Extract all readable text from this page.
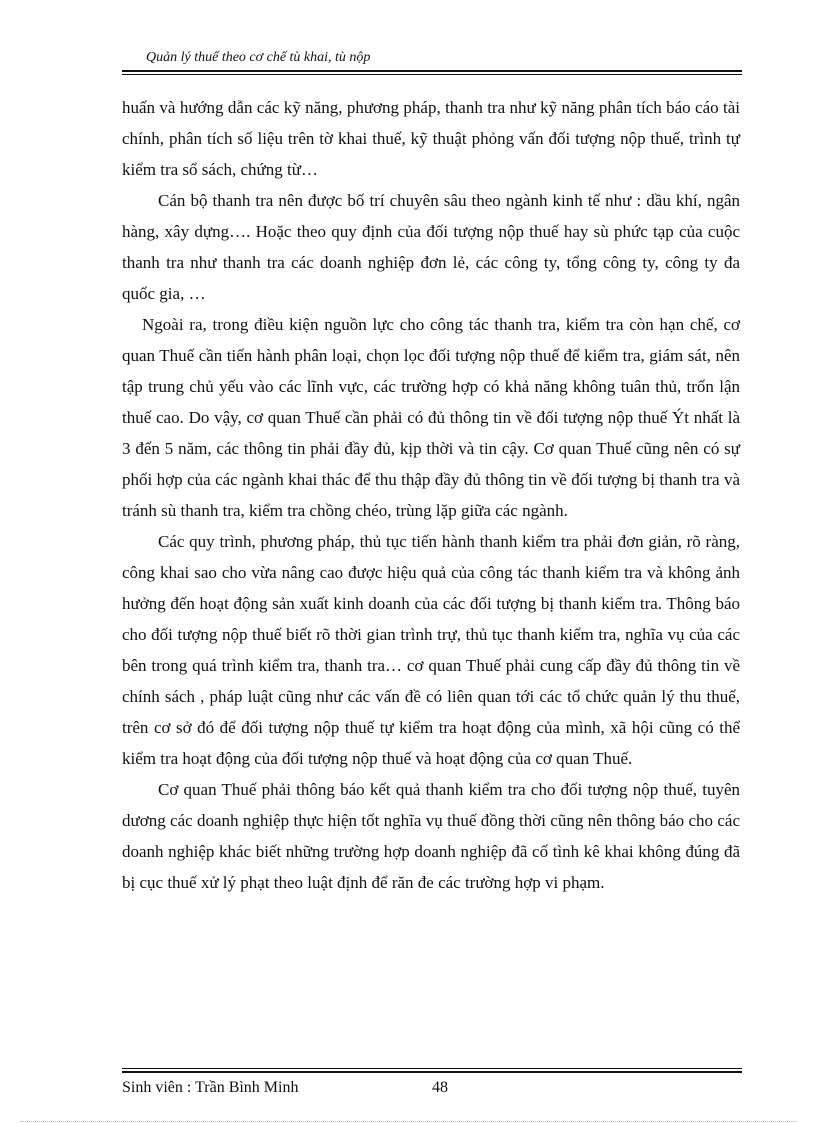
Quản lý thuế theo cơ chế tù khai, tù nộp

huấn và hướng dẫn các kỹ năng, phương pháp, thanh tra như kỹ năng phân tích báo cáo tài chính, phân tích số liệu trên tờ khai thuế, kỹ thuật phỏng vấn đối tượng nộp thuế, trình tự kiểm tra sổ sách, chứng từ…

Cán bộ thanh tra nên được bố trí chuyên sâu theo ngành kinh tế như : dầu khí, ngân hàng, xây dựng…. Hoặc theo quy định của đối tượng nộp thuế hay sù phức tạp của cuộc thanh tra như thanh tra các doanh nghiệp đơn lẻ, các công ty, tổng công ty, công ty đa quốc gia, …

Ngoài ra, trong điều kiện nguồn lực cho công tác thanh tra, kiểm tra còn hạn chế, cơ quan Thuế cần tiến hành phân loại, chọn lọc đối tượng nộp thuế để kiểm tra, giám sát, nên tập trung chủ yếu vào các lĩnh vực, các trường hợp có khả năng không tuân thủ, trốn lận thuế cao. Do vậy, cơ quan Thuế cần phải có đủ thông tin về đối tượng nộp thuế Ýt nhất là 3 đến 5 năm, các thông tin phải đầy đủ, kịp thời và tin cậy. Cơ quan Thuế cũng nên có sự phối hợp của các ngành khai thác để thu thập đầy đủ thông tin về đối tượng bị thanh tra và tránh sù thanh tra, kiểm tra chồng chéo, trùng lặp giữa các ngành.

Các quy trình, phương pháp, thủ tục tiến hành thanh kiểm tra phải đơn giản, rõ ràng, công khai sao cho vừa nâng cao được hiệu quả của công tác thanh kiểm tra và không ảnh hưởng đến hoạt động sản xuất kinh doanh của các đối tượng bị thanh kiểm tra. Thông báo cho đối tượng nộp thuế biết rõ thời gian trình trự, thủ tục thanh kiểm tra, nghĩa vụ của các bên trong quá trình kiểm tra, thanh tra… cơ quan Thuế phải cung cấp đầy đủ thông tin về chính sách , pháp luật cũng như các vấn đề có liên quan tới các tổ chức quản lý thu thuế, trên cơ sở đó để đối tượng nộp thuế tự kiểm tra hoạt động của mình, xã hội cũng có thể kiểm tra hoạt động của đối tượng nộp thuế và hoạt động của cơ quan Thuế.

Cơ quan Thuế phải thông báo kết quả thanh kiểm tra cho đối tượng nộp thuế, tuyên dương các doanh nghiệp thực hiện tốt nghĩa vụ thuế đồng thời cũng nên thông báo cho các doanh nghiệp khác biết những trường hợp doanh nghiệp đã cố tình kê khai không đúng đã bị cục thuế xử lý phạt theo luật định để răn đe các trường hợp vi phạm.

Sinh viên : Trần Bình Minh	48
